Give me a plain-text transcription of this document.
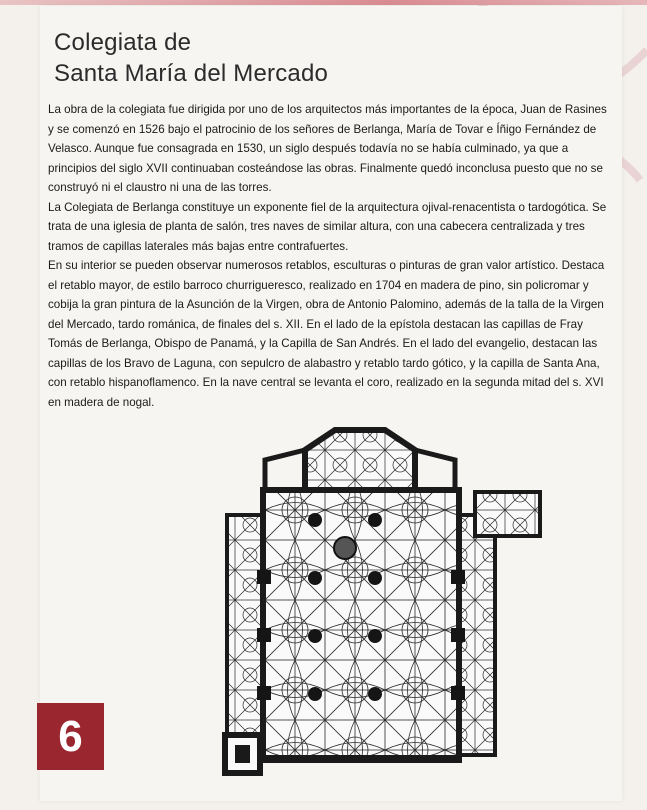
Colegiata de
Santa María del Mercado

La obra de la colegiata fue dirigida por uno de los arquitectos más importantes de la época, Juan de Rasines y se comenzó en 1526 bajo el patrocinio de los señores de Berlanga, María de Tovar e Íñigo Fernández de Velasco. Aunque fue consagrada en 1530, un siglo después todavía no se había culminado, ya que a principios del siglo XVII continuaban costeándose las obras. Finalmente quedó inconclusa puesto que no se construyó ni el claustro ni una de las torres.

La Colegiata de Berlanga constituye un exponente fiel de la arquitectura ojival-renacentista o tardogótica. Se trata de una iglesia de planta de salón, tres naves de similar altura, con una cabecera centralizada y tres tramos de capillas laterales más bajas entre contrafuertes.

En su interior se pueden observar numerosos retablos, esculturas o pinturas de gran valor artístico. Destaca el retablo mayor, de estilo barroco churrigueresco, realizado en 1704 en madera de pino, sin policromar y cobija la gran pintura de la Asunción de la Virgen, obra de Antonio Palomino, además de la talla de la Virgen del Mercado, tardo románica, de finales del s. XII. En el lado de la epístola destacan las capillas de Fray Tomás de Berlanga, Obispo de Panamá, y la Capilla de San Andrés. En el lado del evangelio, destacan las capillas de los Bravo de Laguna, con sepulcro de alabastro y retablo tardo gótico, y la capilla de Santa Ana, con retablo hispanoflamenco. En la nave central se levanta el coro, realizado en la segunda mitad del s. XVI en madera de nogal.

6
